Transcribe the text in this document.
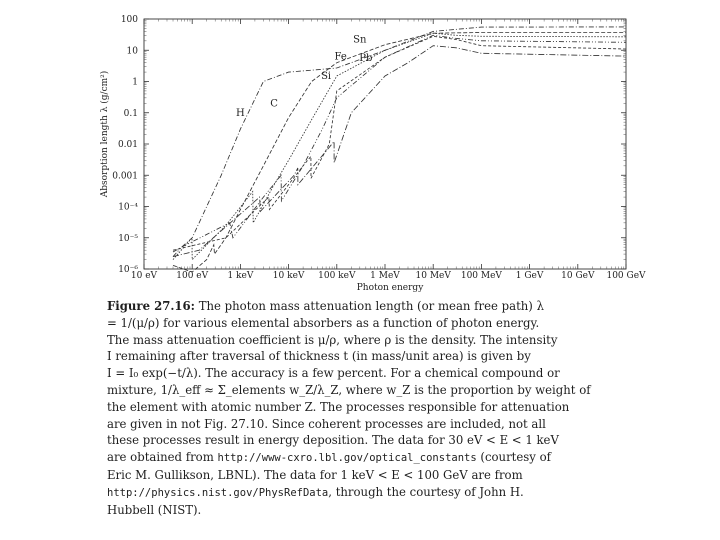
10 eV 100 eV 1 keV 10 keV 100 keV 1 MeV 10 MeV 100 MeV 1 GeV 10 GeV 100 GeV
100
10
1
0.1
0.01
0.001
10⁻⁴
10⁻⁵
10⁻⁶
Photon energy
Absorption length λ (g/cm²)	H
C
Si
Fe
Sn
Pb
Figure 27.16: The photon mass attenuation length (or mean free path) λ
= 1/(μ/ρ) for various elemental absorbers as a function of photon energy.
The mass attenuation coefficient is μ/ρ, where ρ is the density. The intensity
I remaining after traversal of thickness t (in mass/unit area) is given by
I = I₀ exp(−t/λ). The accuracy is a few percent. For a chemical compound or
mixture, 1/λ_eff ≈ Σ_elements w_Z/λ_Z, where w_Z is the proportion by weight of
the element with atomic number Z. The processes responsible for attenuation
are given in not Fig. 27.10. Since coherent processes are included, not all
these processes result in energy deposition. The data for 30 eV < E < 1 keV
are obtained from http://www-cxro.lbl.gov/optical_constants (courtesy of
Eric M. Gullikson, LBNL). The data for 1 keV < E < 100 GeV are from
http://physics.nist.gov/PhysRefData, through the courtesy of John H.
Hubbell (NIST).
